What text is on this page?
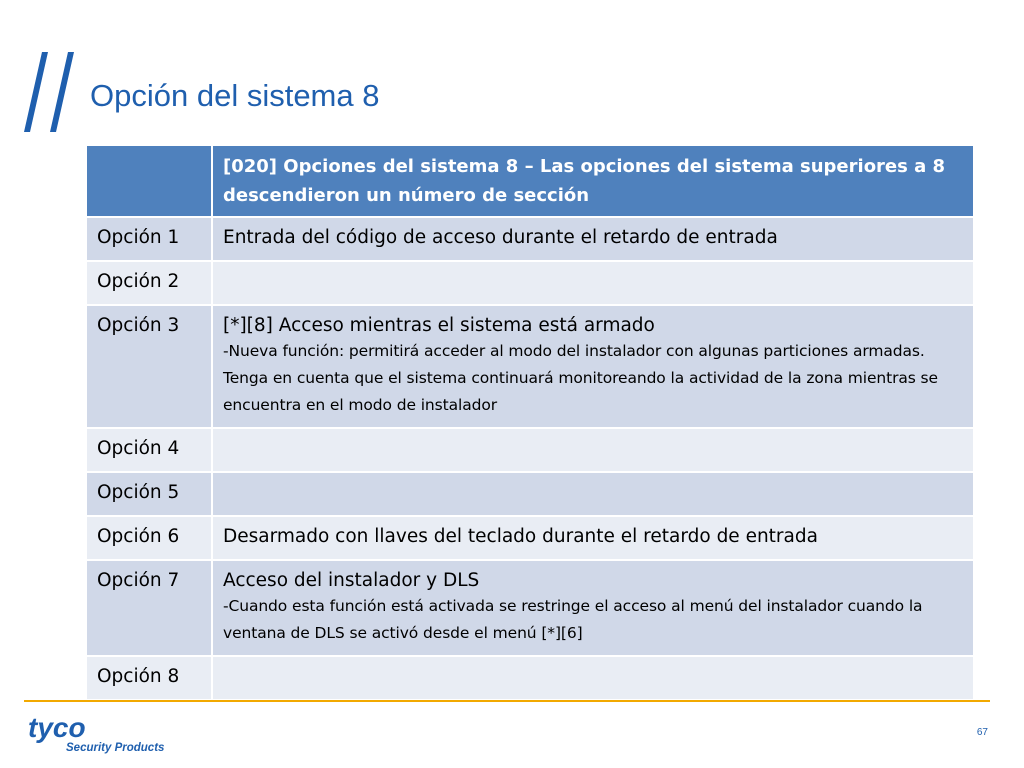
Opción del sistema 8
	[020] Opciones del sistema 8 – Las opciones del sistema superiores a 8 descendieron un número de sección
Opción 1	Entrada del código de acceso durante el retardo de entrada

Opción 2	

Opción 3	[*][8] Acceso mientras el sistema está armado
-Nueva función: permitirá acceder al modo del instalador con algunas particiones armadas. Tenga en cuenta que el sistema continuará monitoreando la actividad de la zona mientras se encuentra en el modo de instalador

Opción 4	

Opción 5	

Opción 6	Desarmado con llaves del teclado durante el retardo de entrada

Opción 7	Acceso del instalador y DLS
-Cuando esta función está activada se restringe el acceso al menú del instalador cuando la ventana de DLS se activó desde el menú [*][6]

Opción 8	
tyco
Security Products
67
